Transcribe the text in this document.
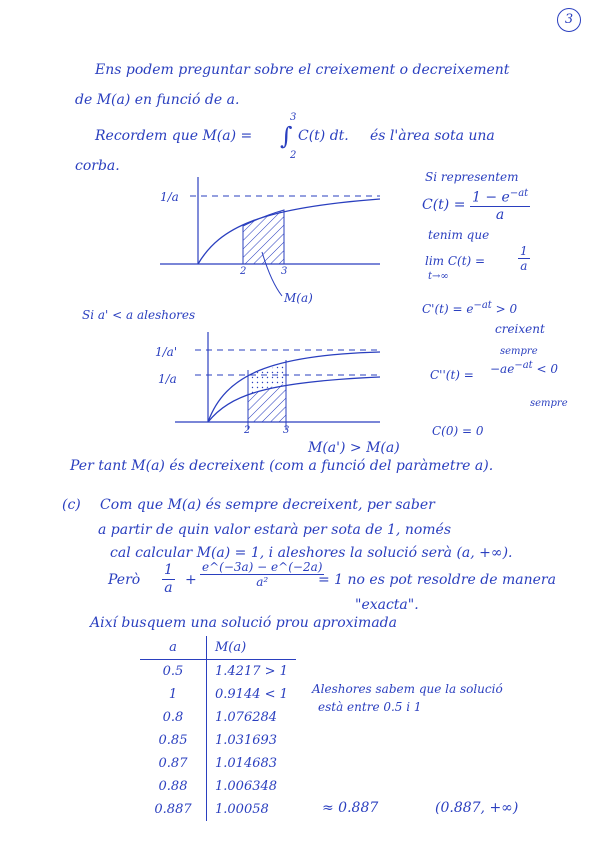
3
Ens podem preguntar sobre el creixement o decreixement
de M(a) en funció de a.
Recordem que M(a) =
3
∫
2
C(t) dt. és l'àrea sota una
corba.
1/a
2	3
M(a)
Si representem
$C(t) = \frac{1 - e^{-at}}{a}$
tenim que
lim C(t) =
t→∞
$\frac{1}{a}$
$C'(t) = e^{-at} > 0$
creixent
sempre
$C''(t) = -ae^{-at} < 0$
sempre
C(0) = 0
Si a' < a aleshores
1/a'
1/a
2	3
M(a') > M(a)
Per tant M(a) és decreixent (com a funció del paràmetre a).
(c) Com que M(a) és sempre decreixent, per saber
a partir de quin valor estarà per sota de 1, només
cal calcular M(a) = 1, i aleshores la solució serà (a, +∞).
Però $\frac{1}{a} + \frac{e\^{}(-3a) - e\^{}(-2a)}{\text{a²}}$
= 1 no es pot resoldre de manera
"exacta".
Així busquem una solució prou aproximada
a	M(a)
0.5	1.4217 > 1
1	0.9144 < 1
0.8	1.076284
0.85	1.031693
0.87	1.014683
0.88	1.006348
0.887	1.00058
Aleshores sabem que la solució
està entre 0.5 i 1
≈ 0.887	(0.887, +∞)
